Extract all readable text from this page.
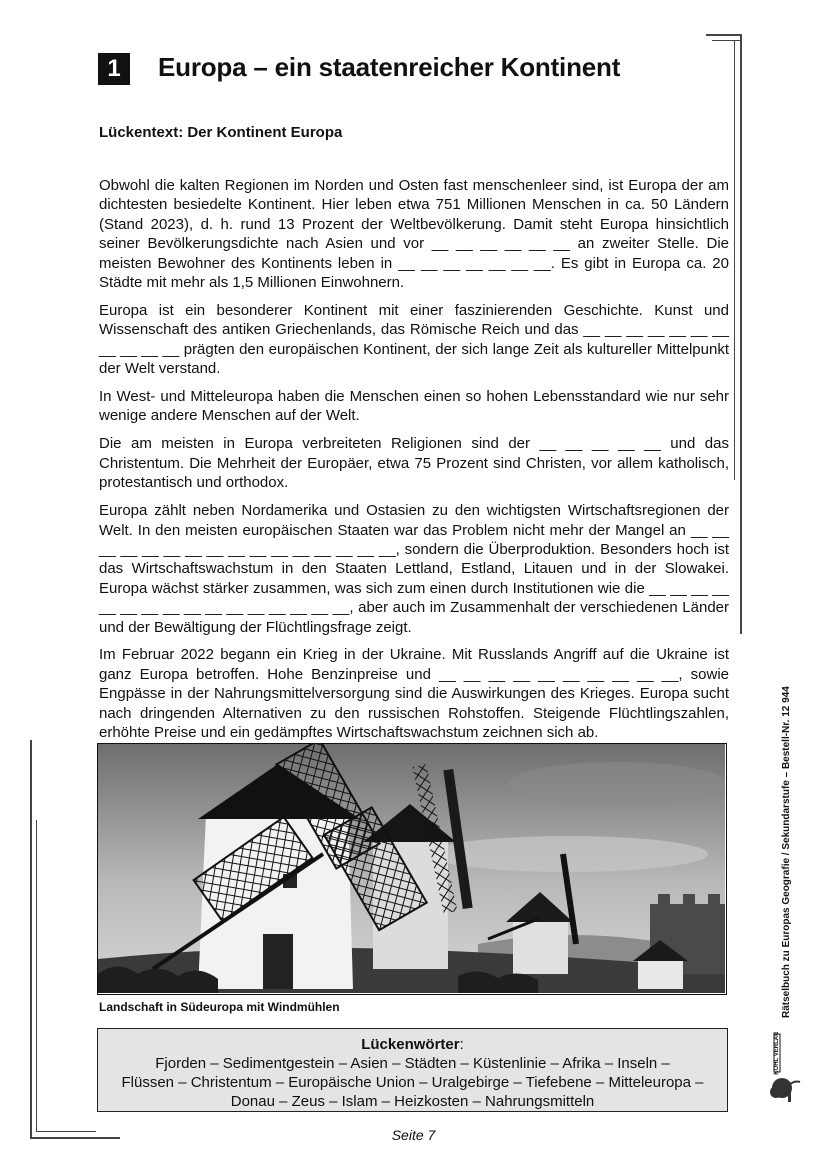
1	Europa – ein staatenreicher Kontinent
Lückentext: Der Kontinent Europa

Obwohl die kalten Regionen im Norden und Osten fast menschenleer sind, ist Europa der am dichtesten besiedelte Kontinent. Hier leben etwa 751 Millionen Menschen in ca. 50 Ländern (Stand 2023), d. h. rund 13 Prozent der Weltbevölkerung. Damit steht Europa hinsichtlich seiner Bevölkerungsdichte nach Asien und vor __ __ __ __ __ __ an zweiter Stelle. Die meisten Bewohner des Kontinents leben in __ __ __ __ __ __ __. Es gibt in Europa ca. 20 Städte mit mehr als 1,5 Millionen Einwohnern.

Europa ist ein besonderer Kontinent mit einer faszinierenden Geschichte. Kunst und Wissenschaft des antiken Griechenlands, das Römische Reich und das __ __ __ __ __ __ __ __ __ __ __ prägten den europäischen Kontinent, der sich lange Zeit als kultureller Mittelpunkt der Welt verstand.

In West- und Mitteleuropa haben die Menschen einen so hohen Lebensstandard wie nur sehr wenige andere Menschen auf der Welt.

Die am meisten in Europa verbreiteten Religionen sind der __ __ __ __ __ und das Christentum. Die Mehrheit der Europäer, etwa 75 Prozent sind Christen, vor allem katholisch, protestantisch und orthodox.

Europa zählt neben Nordamerika und Ostasien zu den wichtigsten Wirtschaftsregionen der Welt. In den meisten europäischen Staaten war das Problem nicht mehr der Mangel an __ __ __ __ __ __ __ __ __ __ __ __ __ __ __ __, sondern die Überproduktion. Besonders hoch ist das Wirtschaftswachstum in den Staaten Lettland, Estland, Litauen und in der Slowakei. Europa wächst stärker zusammen, was sich zum einen durch Institutionen wie die __ __ __ __ __ __ __ __ __ __ __ __ __ __ __ __, aber auch im Zusammenhalt der verschiedenen Länder und der Bewältigung der Flüchtlingsfrage zeigt.

Im Februar 2022 begann ein Krieg in der Ukraine. Mit Russlands Angriff auf die Ukraine ist ganz Europa betroffen. Hohe Benzinpreise und __ __ __ __ __ __ __ __ __ __, sowie Engpässe in der Nahrungsmittelversorgung sind die Auswirkungen des Krieges. Europa sucht nach dringenden Alternativen zu den russischen Rohstoffen. Steigende Flüchtlingszahlen, erhöhte Preise und ein gedämpftes Wirtschaftswachstum zeichnen sich ab.

Landschaft in Südeuropa mit Windmühlen
Lückenwörter:
Fjorden – Sedimentgestein – Asien – Städten – Küstenlinie – Afrika – Inseln –
Flüssen – Christentum – Europäische Union – Uralgebirge – Tiefebene – Mitteleuropa –
Donau – Zeus – Islam – Heizkosten – Nahrungsmitteln
Seite 7
Rätselbuch zu Europas Geografie / Sekundarstufe – Bestell-Nr. 12 944
KOHL VERLAG
